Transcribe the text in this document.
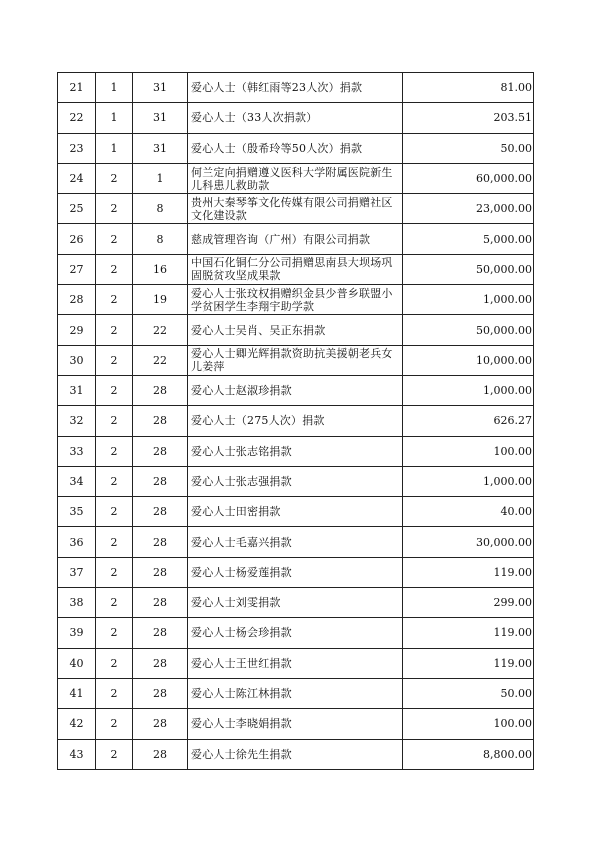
21	1	31	爱心人士（韩红雨等23人次）捐款	81.00
22	1	31	爱心人士（33人次捐款）	203.51
23	1	31	爱心人士（殷希玲等50人次）捐款	50.00
24	2	1	何兰定向捐赠遵义医科大学附属医院新生儿科患儿救助款	60,000.00
25	2	8	贵州大秦琴筝文化传媒有限公司捐赠社区文化建设款	23,000.00
26	2	8	慈成管理咨询（广州）有限公司捐款	5,000.00
27	2	16	中国石化铜仁分公司捐赠思南县大坝场巩固脱贫攻坚成果款	50,000.00
28	2	19	爱心人士张玟权捐赠织金县少普乡联盟小学贫困学生李翔宇助学款	1,000.00
29	2	22	爱心人士吴肖、吴正东捐款	50,000.00
30	2	22	爱心人士卿光辉捐款资助抗美援朝老兵女儿姜萍	10,000.00
31	2	28	爱心人士赵淑珍捐款	1,000.00
32	2	28	爱心人士（275人次）捐款	626.27
33	2	28	爱心人士张志铭捐款	100.00
34	2	28	爱心人士张志强捐款	1,000.00
35	2	28	爱心人士田密捐款	40.00
36	2	28	爱心人士毛嘉兴捐款	30,000.00
37	2	28	爱心人士杨爱莲捐款	119.00
38	2	28	爱心人士刘雯捐款	299.00
39	2	28	爱心人士杨会珍捐款	119.00
40	2	28	爱心人士王世红捐款	119.00
41	2	28	爱心人士陈江林捐款	50.00
42	2	28	爱心人士李晓娟捐款	100.00
43	2	28	爱心人士徐先生捐款	8,800.00
